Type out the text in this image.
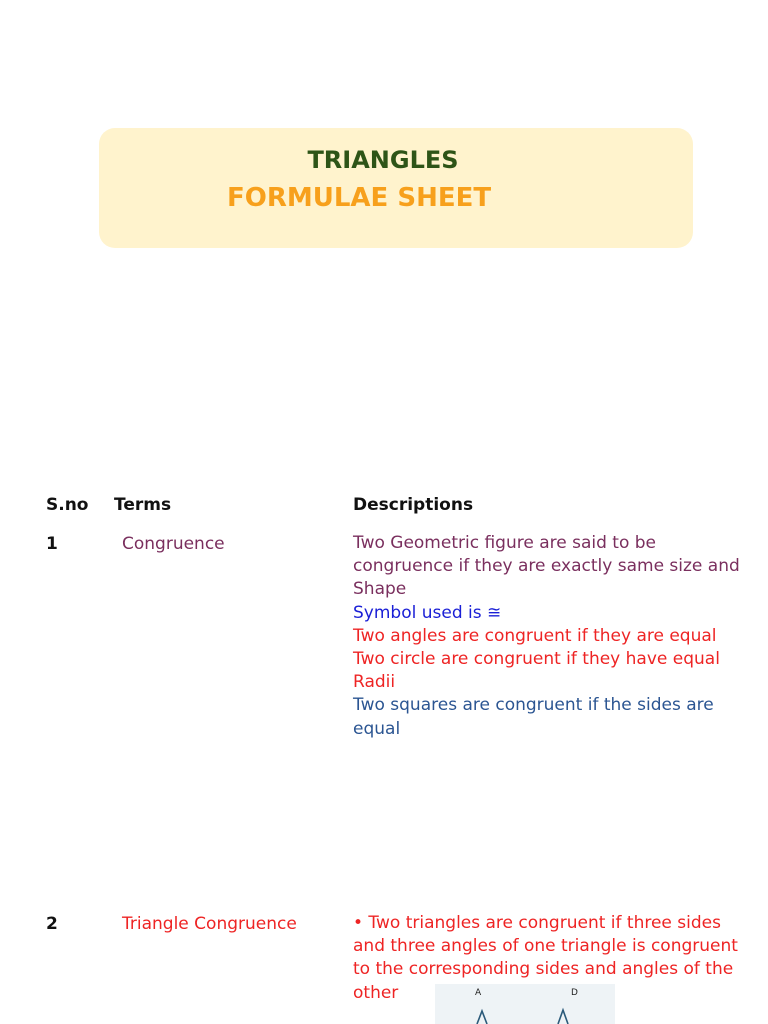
TRIANGLES
FORMULAE SHEET
S.no Terms	Descriptions
1	Congruence	Two Geometric figure are said to be
congruence if they are exactly same size and
Shape
Symbol used is ≅
Two angles are congruent if they are equal
Two circle are congruent if they have equal
Radii
Two squares are congruent if the sides are
equal
2	Triangle Congruence	• Two triangles are congruent if three sides
and three angles of one triangle is congruent
to the corresponding sides and angles of the
other	A	D
